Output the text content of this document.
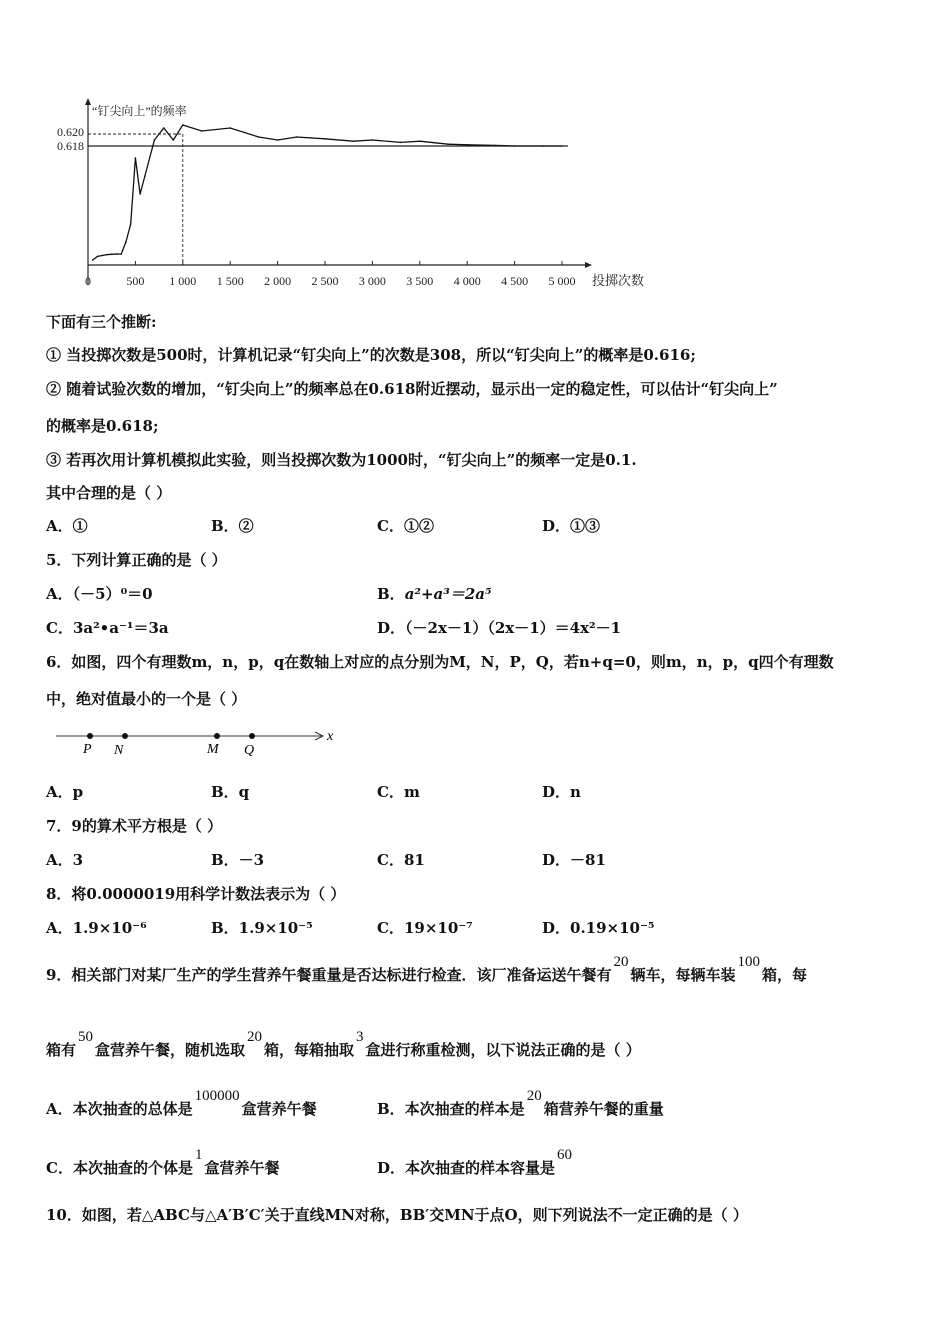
“钉尖向上”的频率
0.620
0.618
0	500 1 000 1 500 2 000 2 500 3 000 3 500 4 000 4 500 5 000 投掷次数
下面有三个推断:
① 当投掷次数是500时，计算机记录“钉尖向上”的次数是308，所以“钉尖向上”的概率是0.616;
② 随着试验次数的增加，“钉尖向上”的频率总在0.618附近摆动，显示出一定的稳定性，可以估计“钉尖向上”
的概率是0.618;
③ 若再次用计算机模拟此实验，则当投掷次数为1000时，“钉尖向上”的频率一定是0.1.
其中合理的是（ ）
A．①	B．②	C．①②	D．①③
5．下列计算正确的是（ ）
A．（－5）⁰＝0	B．a²+a³＝2a⁵
C．3a²•a⁻¹＝3a	D．（－2x－1）（2x－1）＝4x²－1
6．如图，四个有理数m，n，p，q在数轴上对应的点分别为M，N，P，Q，若n+q=0，则m，n，p，q四个有理数
中，绝对值最小的一个是（ ）
P N	M Q
x
A．p	B．q	C．m	D．n
7．9的算术平方根是（ ）
A．3	B．－3	C．81	D．－81
8．将0.0000019用科学计数法表示为（ ）
A．1.9×10⁻⁶	B．1.9×10⁻⁵	C．19×10⁻⁷	D．0.19×10⁻⁵
9．相关部门对某厂生产的学生营养午餐重量是否达标进行检查．该厂准备运送午餐有20辆车，每辆车装100箱，每
箱有50盒营养午餐，随机选取20箱，每箱抽取3盒进行称重检测，以下说法正确的是（ ）
A．本次抽查的总体是100000盒营养午餐	B．本次抽查的样本是20箱营养午餐的重量
C．本次抽查的个体是1盒营养午餐	D．本次抽查的样本容量是60
10．如图，若△ABC与△A′B′C′关于直线MN对称，BB′交MN于点O，则下列说法不一定正确的是（ ）
